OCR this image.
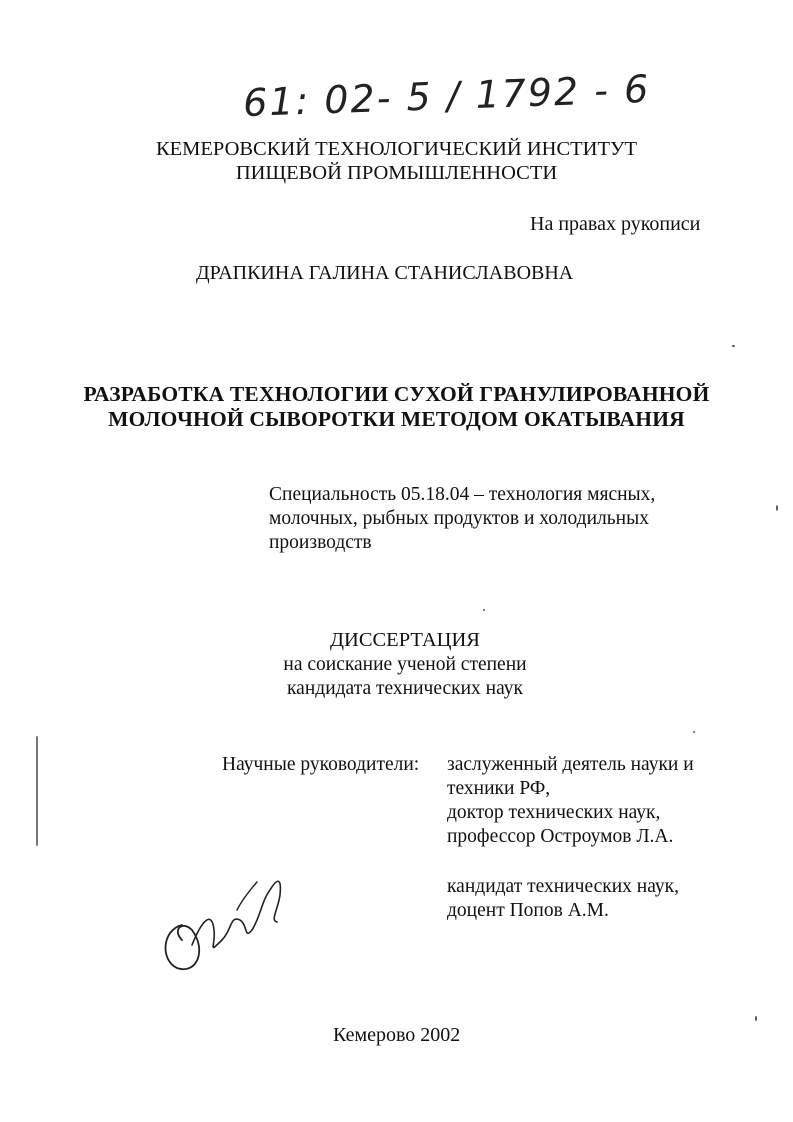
61: 02- 5 / 1792 - 6
КЕМЕРОВСКИЙ ТЕХНОЛОГИЧЕСКИЙ ИНСТИТУТ
ПИЩЕВОЙ ПРОМЫШЛЕННОСТИ
На правах рукописи
ДРАПКИНА ГАЛИНА СТАНИСЛАВОВНА
РАЗРАБОТКА ТЕХНОЛОГИИ СУХОЙ ГРАНУЛИРОВАННОЙ
МОЛОЧНОЙ СЫВОРОТКИ МЕТОДОМ ОКАТЫВАНИЯ
Специальность 05.18.04 – технология мясных,
молочных, рыбных продуктов и холодильных
производств
ДИССЕРТАЦИЯ
на соискание ученой степени
кандидата технических наук
Научные руководители: заслуженный деятель науки и
техники РФ,
доктор технических наук,
профессор Остроумов Л.А.
кандидат технических наук,
доцент Попов А.М.
Кемерово 2002
